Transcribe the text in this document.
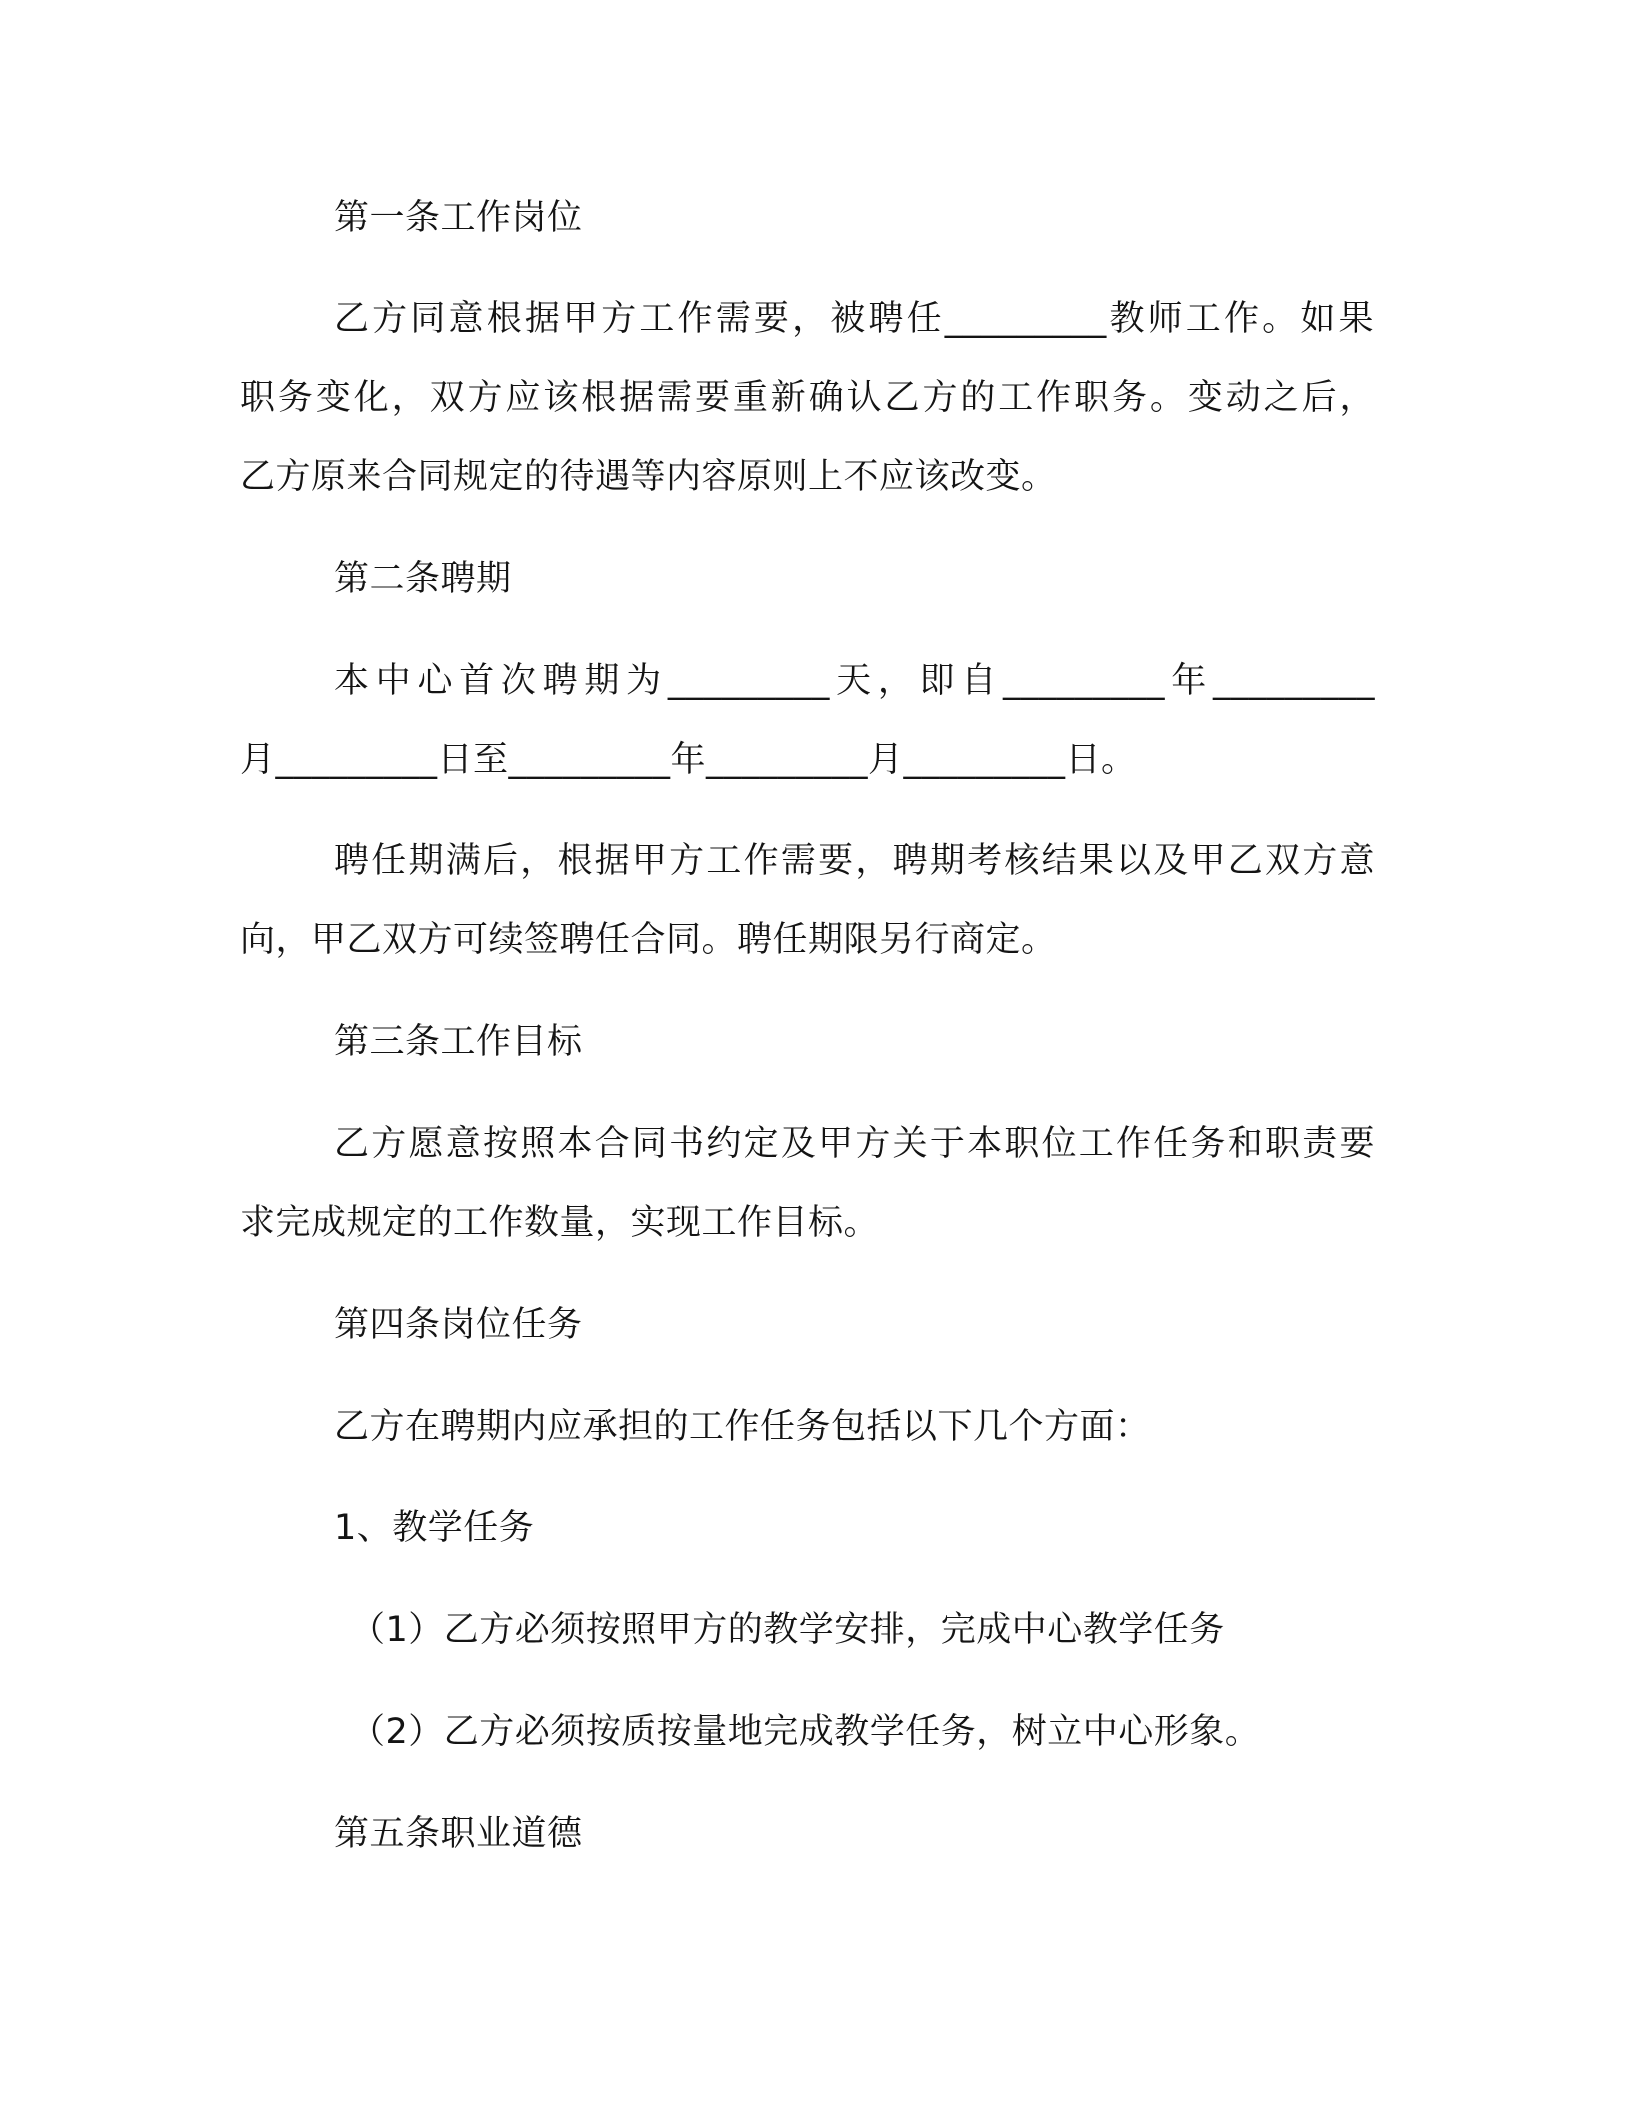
第一条工作岗位
乙方同意根据甲方工作需要，被聘任_________教师工作。如果
职务变化，双方应该根据需要重新确认乙方的工作职务。变动之后，
乙方原来合同规定的待遇等内容原则上不应该改变。
第二条聘期
本中心首次聘期为_________天，即自_________年_________
月_________日至_________年_________月_________日。
聘任期满后，根据甲方工作需要，聘期考核结果以及甲乙双方意
向，甲乙双方可续签聘任合同。聘任期限另行商定。
第三条工作目标
乙方愿意按照本合同书约定及甲方关于本职位工作任务和职责要
求完成规定的工作数量，实现工作目标。
第四条岗位任务
乙方在聘期内应承担的工作任务包括以下几个方面：
1、教学任务
（1）乙方必须按照甲方的教学安排，完成中心教学任务
（2）乙方必须按质按量地完成教学任务，树立中心形象。
第五条职业道德
